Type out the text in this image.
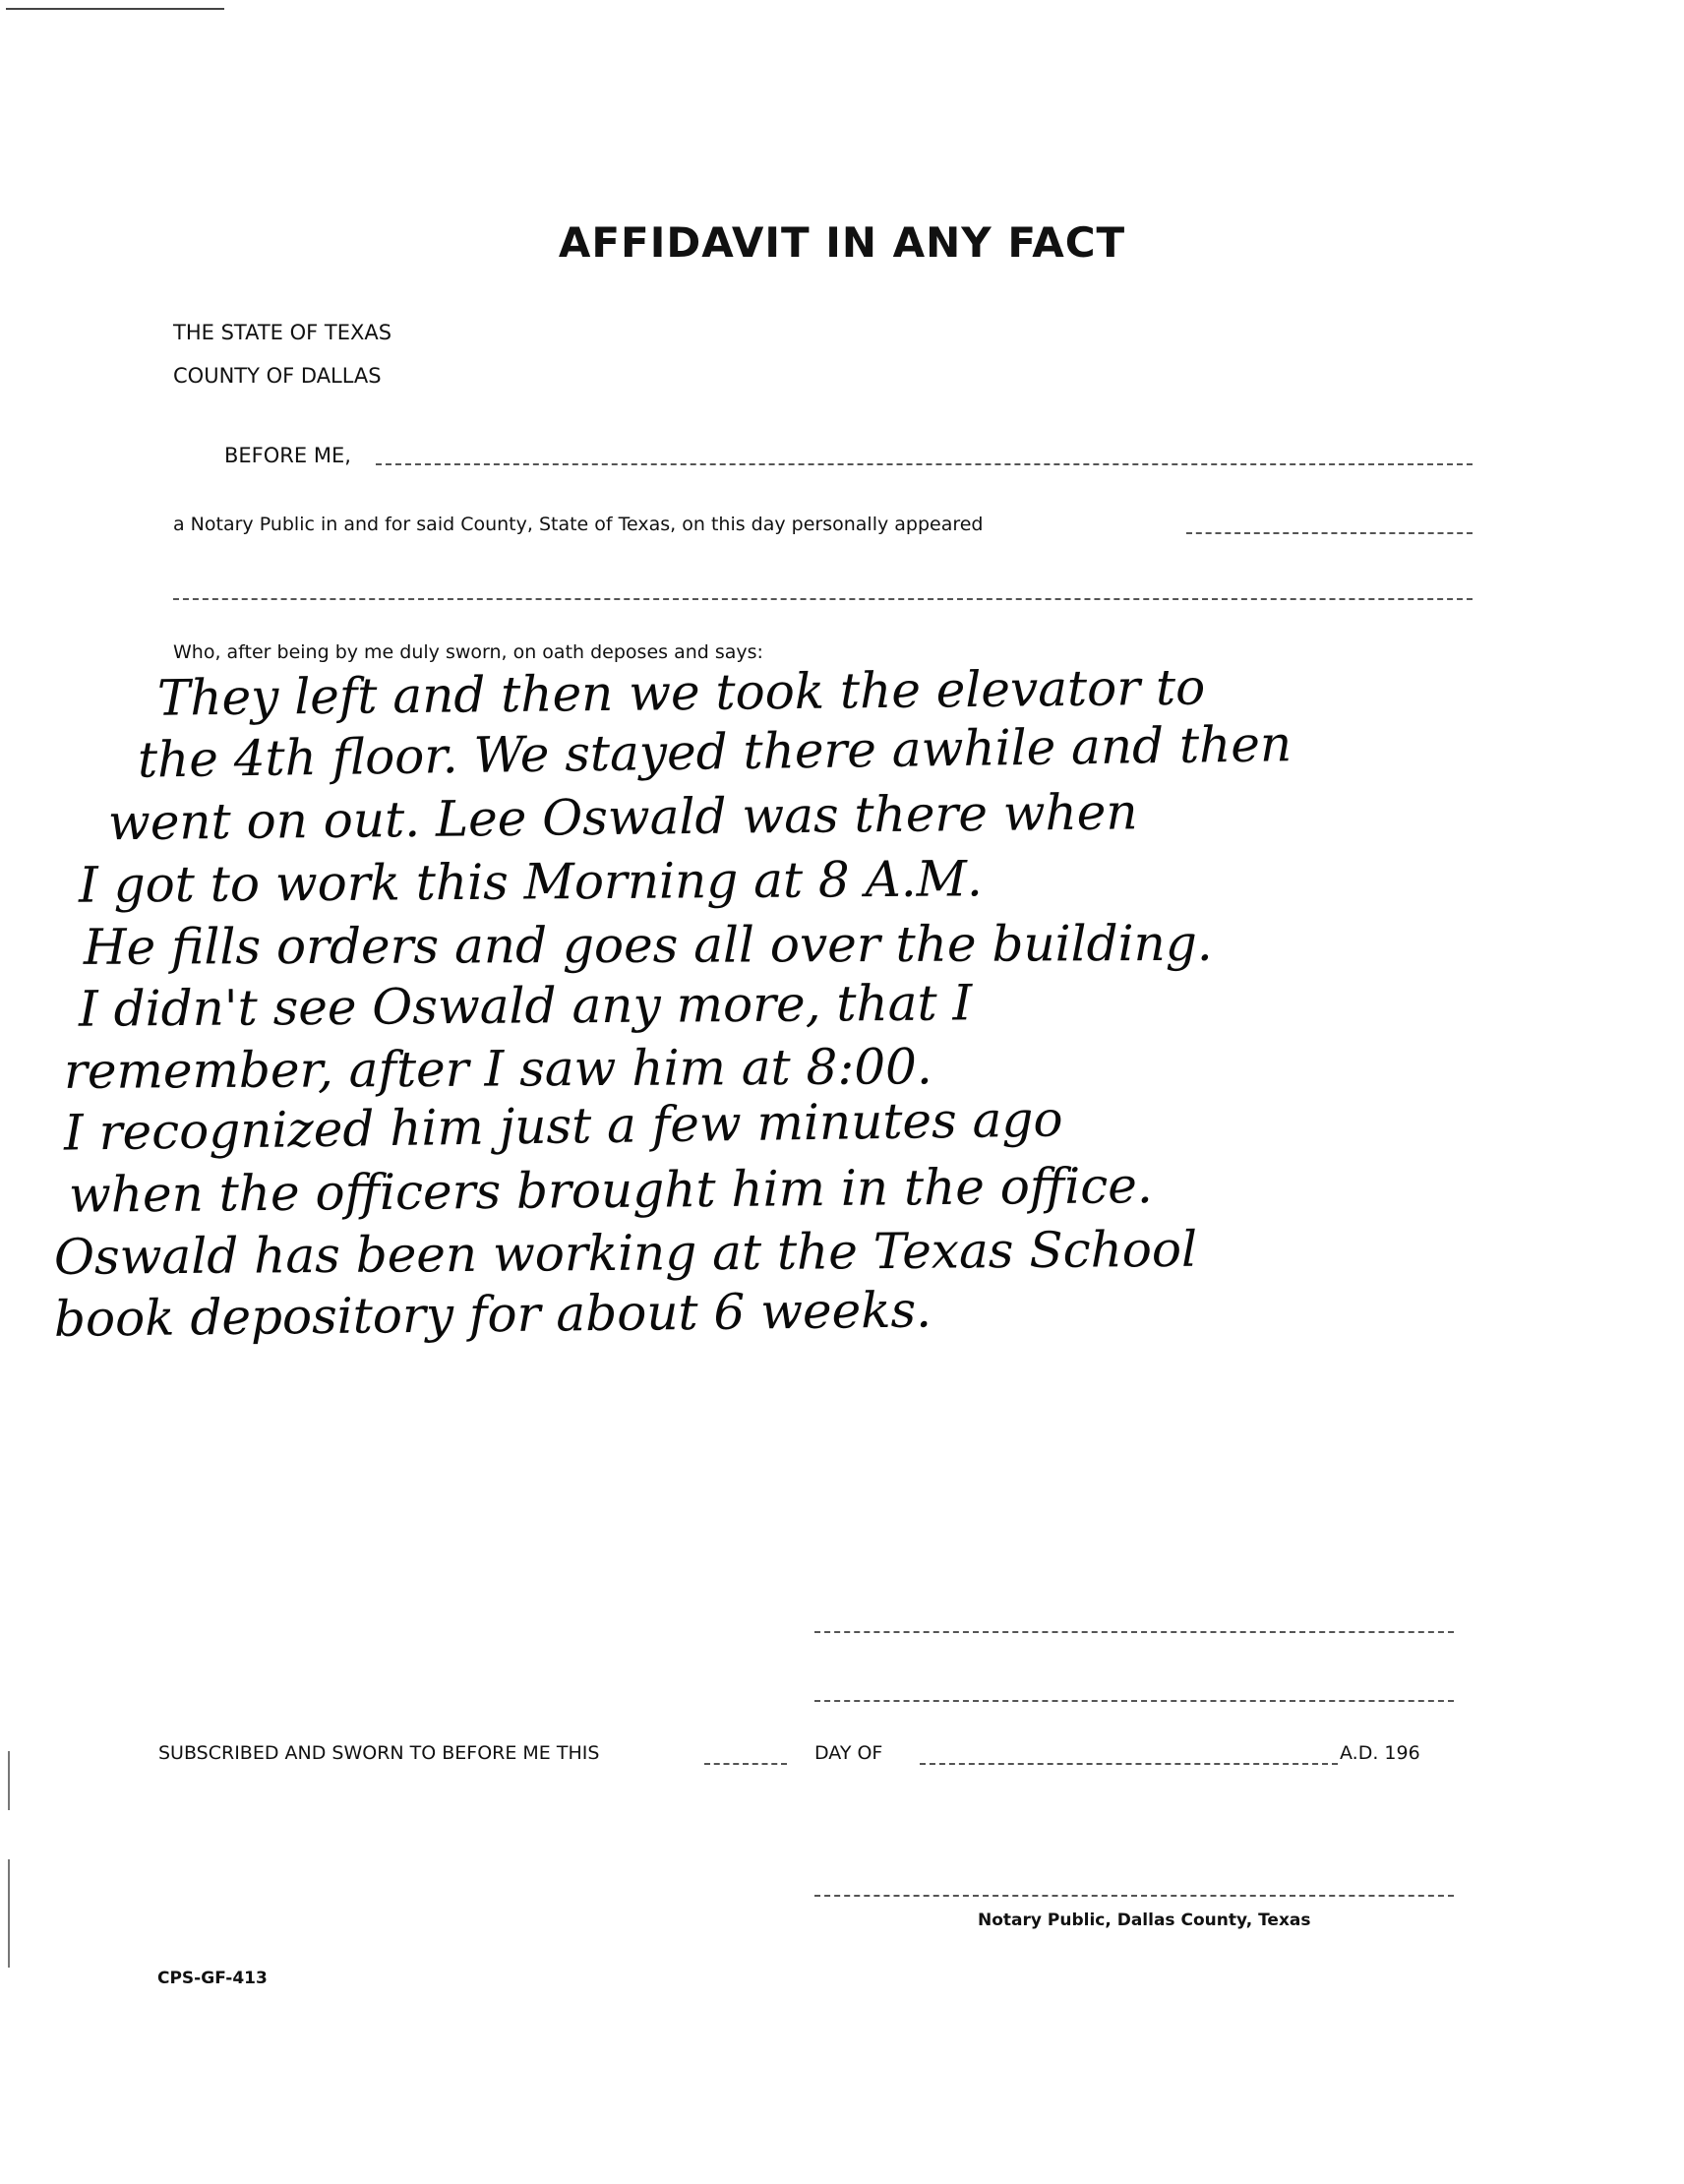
AFFIDAVIT IN ANY FACT
THE STATE OF TEXAS
COUNTY OF DALLAS
BEFORE ME,
a Notary Public in and for said County, State of Texas, on this day personally appeared
Who, after being by me duly sworn, on oath deposes and says:
They left and then we took the elevator to
the 4th floor. We stayed there awhile and then
went on out. Lee Oswald was there when
I got to work this Morning at 8 A.M.
He fills orders and goes all over the building.
I didn't see Oswald any more, that I
remember, after I saw him at 8:00.
I recognized him just a few minutes ago
when the officers brought him in the office.
Oswald has been working at the Texas School
book depository for about 6 weeks.
SUBSCRIBED AND SWORN TO BEFORE ME THIS	DAY OF	A.D. 196
Notary Public, Dallas County, Texas
CPS-GF-413
